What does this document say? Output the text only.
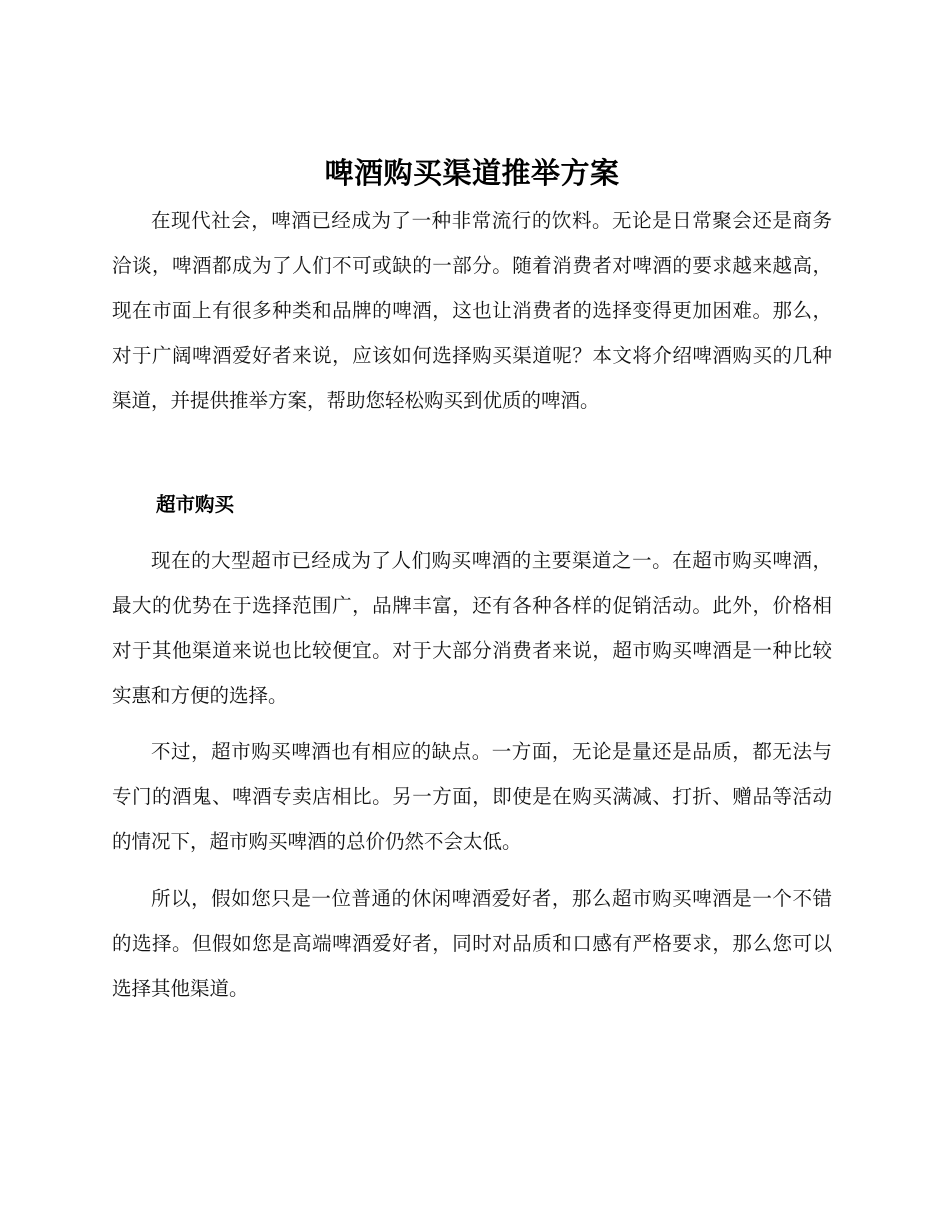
啤酒购买渠道推举方案

在现代社会，啤酒已经成为了一种非常流行的饮料。无论是日常聚会还是商务洽谈，啤酒都成为了人们不可或缺的一部分。随着消费者对啤酒的要求越来越高，现在市面上有很多种类和品牌的啤酒，这也让消费者的选择变得更加困难。那么，对于广阔啤酒爱好者来说，应该如何选择购买渠道呢？本文将介绍啤酒购买的几种渠道，并提供推举方案，帮助您轻松购买到优质的啤酒。

超市购买

现在的大型超市已经成为了人们购买啤酒的主要渠道之一。在超市购买啤酒，最大的优势在于选择范围广，品牌丰富，还有各种各样的促销活动。此外，价格相对于其他渠道来说也比较便宜。对于大部分消费者来说，超市购买啤酒是一种比较实惠和方便的选择。

不过，超市购买啤酒也有相应的缺点。一方面，无论是量还是品质，都无法与专门的酒鬼、啤酒专卖店相比。另一方面，即使是在购买满减、打折、赠品等活动的情况下，超市购买啤酒的总价仍然不会太低。

所以，假如您只是一位普通的休闲啤酒爱好者，那么超市购买啤酒是一个不错的选择。但假如您是高端啤酒爱好者，同时对品质和口感有严格要求，那么您可以选择其他渠道。
